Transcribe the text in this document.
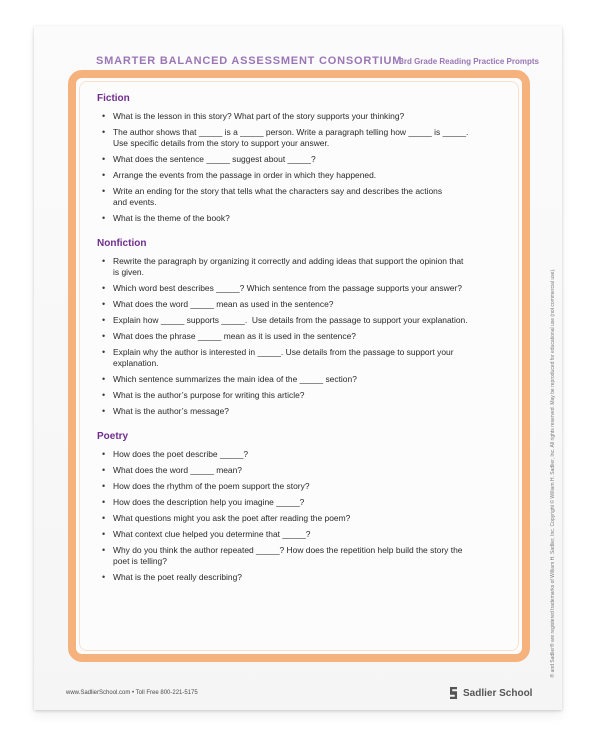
SMARTER BALANCED ASSESSMENT CONSORTIUM
3rd Grade Reading Practice Prompts
Fiction
• What is the lesson in this story? What part of the story supports your thinking?
• The author shows that _____ is a _____ person. Write a paragraph telling how _____ is _____.
Use specific details from the story to support your answer.
• What does the sentence _____ suggest about _____?
• Arrange the events from the passage in order in which they happened.
• Write an ending for the story that tells what the characters say and describes the actions
and events.
• What is the theme of the book?
Nonfiction
• Rewrite the paragraph by organizing it correctly and adding ideas that support the opinion that
is given.
• Which word best describes _____? Which sentence from the passage supports your answer?
• What does the word _____ mean as used in the sentence?
• Explain how _____ supports _____.  Use details from the passage to support your explanation.
• What does the phrase _____ mean as it is used in the sentence?
• Explain why the author is interested in _____. Use details from the passage to support your
explanation.
• Which sentence summarizes the main idea of the _____ section?
• What is the author’s purpose for writing this article?
• What is the author’s message?
Poetry
• How does the poet describe _____?
• What does the word _____ mean?
• How does the rhythm of the poem support the story?
• How does the description help you imagine _____?
• What questions might you ask the poet after reading the poem?
• What context clue helped you determine that _____?
• Why do you think the author repeated _____? How does the repetition help build the story the
poet is telling?
• What is the poet really describing?	® and Sadlier® are registered trademarks of William H. Sadlier, Inc. Copyright © William H. Sadlier, Inc. All rights reserved. May be reproduced for educational use (not commercial use).
www.SadlierSchool.com • Toll Free 800-221-5175	Sadlier School
